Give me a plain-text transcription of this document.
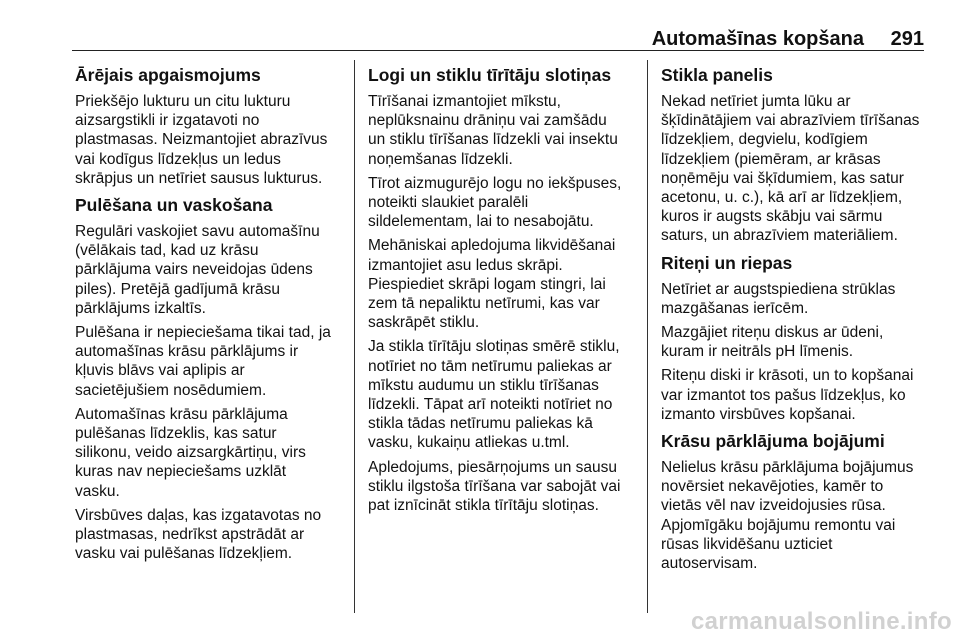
Automašīnas kopšana 291
Ārējais apgaismojums

Priekšējo lukturu un citu lukturu
aizsargstikli ir izgatavoti no
plastmasas. Neizmantojiet abrazīvus
vai kodīgus līdzekļus un ledus
skrāpjus un netīriet sausus lukturus.

Pulēšana un vaskošana

Regulāri vaskojiet savu automašīnu
(vēlākais tad, kad uz krāsu
pārklājuma vairs neveidojas ūdens
piles). Pretējā gadījumā krāsu
pārklājums izkaltīs.

Pulēšana ir nepieciešama tikai tad, ja
automašīnas krāsu pārklājums ir
kļuvis blāvs vai aplipis ar
sacietējušiem nosēdumiem.

Automašīnas krāsu pārklājuma
pulēšanas līdzeklis, kas satur
silikonu, veido aizsargkārtiņu, virs
kuras nav nepieciešams uzklāt
vasku.

Virsbūves daļas, kas izgatavotas no
plastmasas, nedrīkst apstrādāt ar
vasku vai pulēšanas līdzekļiem.

Logi un stiklu tīrītāju slotiņas

Tīrīšanai izmantojiet mīkstu,
neplūksnainu drāniņu vai zamšādu
un stiklu tīrīšanas līdzekli vai insektu
noņemšanas līdzekli.

Tīrot aizmugurējo logu no iekšpuses,
noteikti slaukiet paralēli
sildelementam, lai to nesabojātu.

Mehāniskai apledojuma likvidēšanai
izmantojiet asu ledus skrāpi.
Piespiediet skrāpi logam stingri, lai
zem tā nepaliktu netīrumi, kas var
saskrāpēt stiklu.

Ja stikla tīrītāju slotiņas smērē stiklu,
notīriet no tām netīrumu paliekas ar
mīkstu audumu un stiklu tīrīšanas
līdzekli. Tāpat arī noteikti notīriet no
stikla tādas netīrumu paliekas kā
vasku, kukaiņu atliekas u.tml.

Apledojums, piesārņojums un sausu
stiklu ilgstoša tīrīšana var sabojāt vai
pat iznīcināt stikla tīrītāju slotiņas.

Stikla panelis

Nekad netīriet jumta lūku ar
šķīdinātājiem vai abrazīviem tīrīšanas
līdzekļiem, degvielu, kodīgiem
līdzekļiem (piemēram, ar krāsas
noņēmēju vai šķīdumiem, kas satur
acetonu, u. c.), kā arī ar līdzekļiem,
kuros ir augsts skābju vai sārmu
saturs, un abrazīviem materiāliem.

Riteņi un riepas

Netīriet ar augstspiediena strūklas
mazgāšanas ierīcēm.

Mazgājiet riteņu diskus ar ūdeni,
kuram ir neitrāls pH līmenis.

Riteņu diski ir krāsoti, un to kopšanai
var izmantot tos pašus līdzekļus, ko
izmanto virsbūves kopšanai.

Krāsu pārklājuma bojājumi

Nelielus krāsu pārklājuma bojājumus
novērsiet nekavējoties, kamēr to
vietās vēl nav izveidojusies rūsa.
Apjomīgāku bojājumu remontu vai
rūsas likvidēšanu uzticiet
autoservisam.

carmanualsonline.info
